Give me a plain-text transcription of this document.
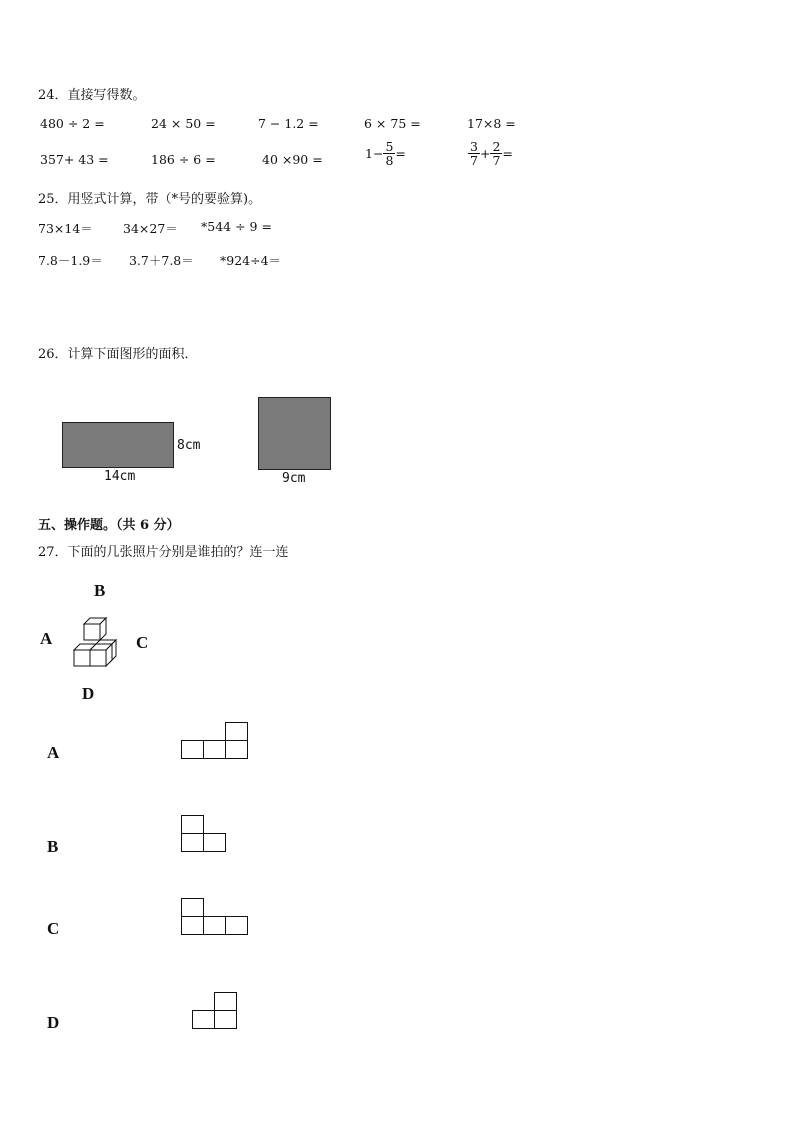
24．直接写得数。
480 ÷ 2 =	24 × 50 =	7 − 1.2 =	6 × 75 =	17×8 =
357+ 43 =	186 ÷ 6 =	40 ×90 =	$1- \frac{5}{8}$ =	$\frac{3}{7} + \frac{2}{7}$ =
25．用竖式计算，带（*号的要验算)。
73×14＝ 34×27＝ *544 ÷ 9 =
7.8－1.9＝ 3.7＋7.8＝ *924÷4＝
26．计算下面图形的面积．
8cm
14cm	9cm
五、操作题。（共 6 分）
27．下面的几张照片分别是谁拍的？连一连
B
A	C
D
A
B
C
D
